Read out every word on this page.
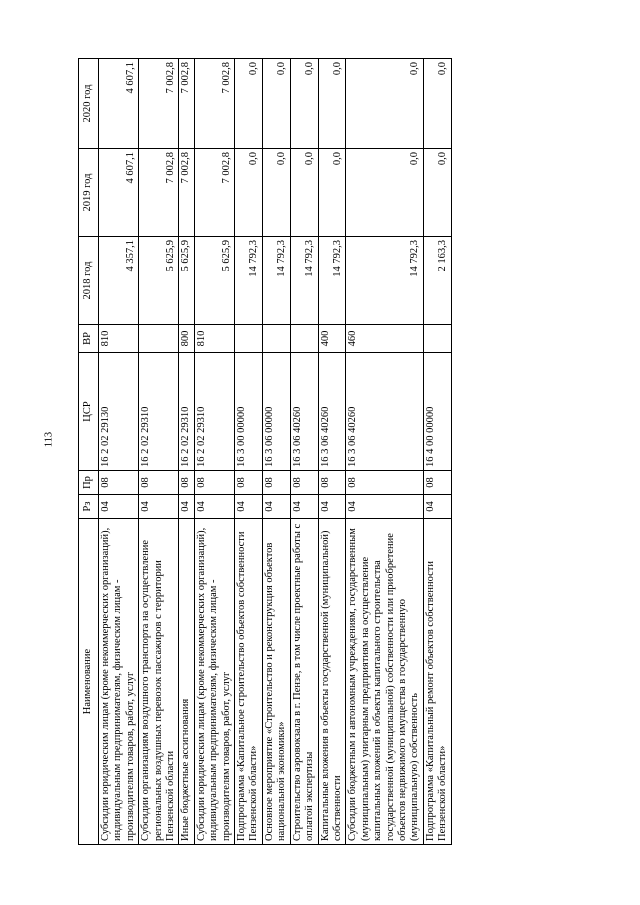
113
Наименование	Рз	Пр	ЦСР	ВР	2018 год	2019 год	2020 год
Субсидии юридическим лицам (кроме некоммерческих организаций), индивидуальным предпринимателям, физическим лицам - производителям товаров, работ, услуг	04	08	16 2 02 29130	810	4 357,1	4 607,1	4 607,1
Субсидии организациям воздушного транспорта на осуществление региональных воздушных перевозок пассажиров с территории Пензенской области	04	08	16 2 02 29310		5 625,9	7 002,8	7 002,8
Иные бюджетные ассигнования	04	08	16 2 02 29310	800	5 625,9	7 002,8	7 002,8
Субсидии юридическим лицам (кроме некоммерческих организаций), индивидуальным предпринимателям, физическим лицам - производителям товаров, работ, услуг	04	08	16 2 02 29310	810	5 625,9	7 002,8	7 002,8
Подпрограмма «Капитальное строительство объектов собственности Пензенской области»	04	08	16 3 00 00000		14 792,3	0,0	0,0
Основное мероприятие «Строительство и реконструкция объектов национальной экономики»	04	08	16 3 06 00000		14 792,3	0,0	0,0
Строительство аэровокзала в г. Пензе, в том числе проектные работы с оплатой экспертизы	04	08	16 3 06 40260		14 792,3	0,0	0,0
Капитальные вложения в объекты государственной (муниципальной) собственности	04	08	16 3 06 40260	400	14 792,3	0,0	0,0
Субсидии бюджетным и автономным учреждениям, государственным (муниципальным) унитарным предприятиям на осуществление капитальных вложений в объекты капитального строительства государственной (муниципальной) собственности или приобретение объектов недвижимого имущества в государственную (муниципальную) собственность	04	08	16 3 06 40260	460	14 792,3	0,0	0,0
Подпрограмма «Капитальный ремонт объектов собственности Пензенской области»	04	08	16 4 00 00000		2 163,3	0,0	0,0
